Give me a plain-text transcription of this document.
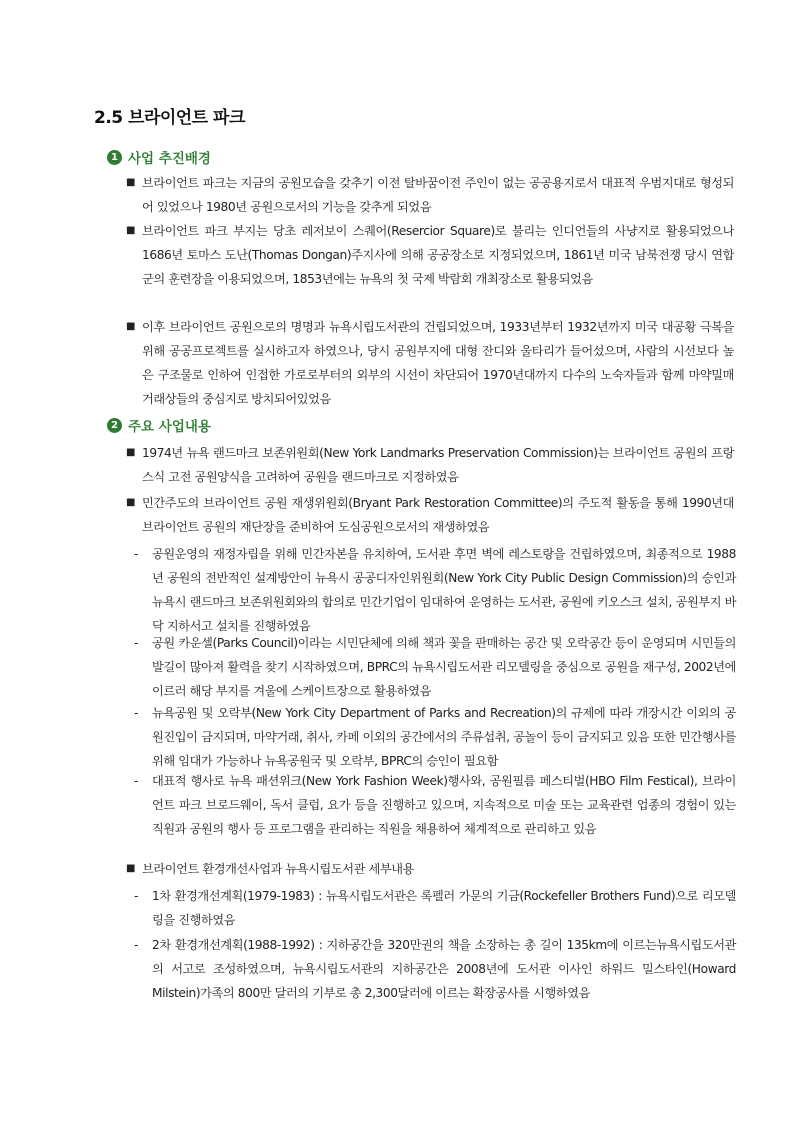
2.5 브라이언트 파크
1 사업 추진배경
■ 브라이언트 파크는 지금의 공원모습을 갖추기 이전 탈바꿈이전 주인이 없는 공공용지로서 대표적 우범지대로 형성되어 있었으나 1980년 공원으로서의 기능을 갖추게 되었음

■ 브라이언트 파크 부지는 당초 레저보이 스퀘어(Resercior Square)로 불리는 인디언들의 사냥지로 활용되었으나 1686년 토마스 도난(Thomas Dongan)주지사에 의해 공공장소로 지정되었으며, 1861년 미국 남북전쟁 당시 연합군의 훈련장을 이용되었으며, 1853년에는 뉴욕의 첫 국제 박람회 개최장소로 활용되었음

■ 이후 브라이언트 공원으로의 명명과 뉴욕시립도서관의 건립되었으며, 1933년부터 1932년까지 미국 대공황 극복을 위해 공공프로젝트를 실시하고자 하였으나, 당시 공원부지에 대형 잔디와 울타리가 들어섰으며, 사람의 시선보다 높은 구조물로 인하여 인접한 가로로부터의 외부의 시선이 차단되어 1970년대까지 다수의 노숙자들과 함께 마약밀매 거래상들의 중심지로 방치되어있었음

2 주요 사업내용
■ 1974년 뉴욕 랜드마크 보존위원회(New York Landmarks Preservation Commission)는 브라이언트 공원의 프랑스식 고전 공원양식을 고려하여 공원을 랜드마크로 지정하였음

■ 민간주도의 브라이언트 공원 재생위원회(Bryant Park Restoration Committee)의 주도적 활동을 통해 1990년대 브라이언트 공원의 재단장을 준비하여 도심공원으로서의 재생하였음

- 공원운영의 재정자립을 위해 민간자본을 유치하여, 도서관 후면 벽에 레스토랑을 건립하였으며, 최종적으로 1988년 공원의 전반적인 설계방안이 뉴욕시 공공디자인위원회(New York City Public Design Commission)의 승인과 뉴욕시 랜드마크 보존위원회와의 합의로 민간기업이 임대하여 운영하는 도서관, 공원에 키오스크 설치, 공원부지 바닥 지하서고 설치를 진행하였음

- 공원 카운셀(Parks Council)이라는 시민단체에 의해 책과 꽃을 판매하는 공간 및 오락공간 등이 운영되며 시민들의 발길이 많아져 활력을 찾기 시작하였으며, BPRC의 뉴욕시립도서관 리모델링을 중심으로 공원을 재구성, 2002년에 이르러 해당 부지를 겨울에 스케이트장으로 활용하였음

- 뉴욕공원 및 오락부(New York City Department of Parks and Recreation)의 규제에 따라 개장시간 이외의 공원진입이 금지되며, 마약거래, 취사, 카페 이외의 공간에서의 주류섭취, 공놀이 등이 금지되고 있음 또한 민간행사를 위해 임대가 가능하나 뉴욕공원국 및 오락부, BPRC의 승인이 필요함

- 대표적 행사로 뉴욕 패션위크(New York Fashion Week)행사와, 공원필름 페스티벌(HBO Film Festical), 브라이언트 파크 브로드웨이, 독서 클럽, 요가 등을 진행하고 있으며, 지속적으로 미술 또는 교육관련 업종의 경험이 있는 직원과 공원의 행사 등 프로그램을 관리하는 직원을 채용하여 체계적으로 관리하고 있음

■ 브라이언트 환경개선사업과 뉴욕시립도서관 세부내용

- 1차 환경개선계획(1979-1983) : 뉴욕시립도서관은 록펠러 가문의 기금(Rockefeller Brothers Fund)으로 리모델링을 진행하였음

- 2차 환경개선계획(1988-1992) : 지하공간을 320만권의 책을 소장하는 총 길이 135km에 이르는뉴욕시립도서관의 서고로 조성하였으며, 뉴욕시립도서관의 지하공간은 2008년에 도서관 이사인 하워드 밀스타인(Howard Milstein)가족의 800만 달러의 기부로 총 2,300달러에 이르는 확장공사를 시행하였음
